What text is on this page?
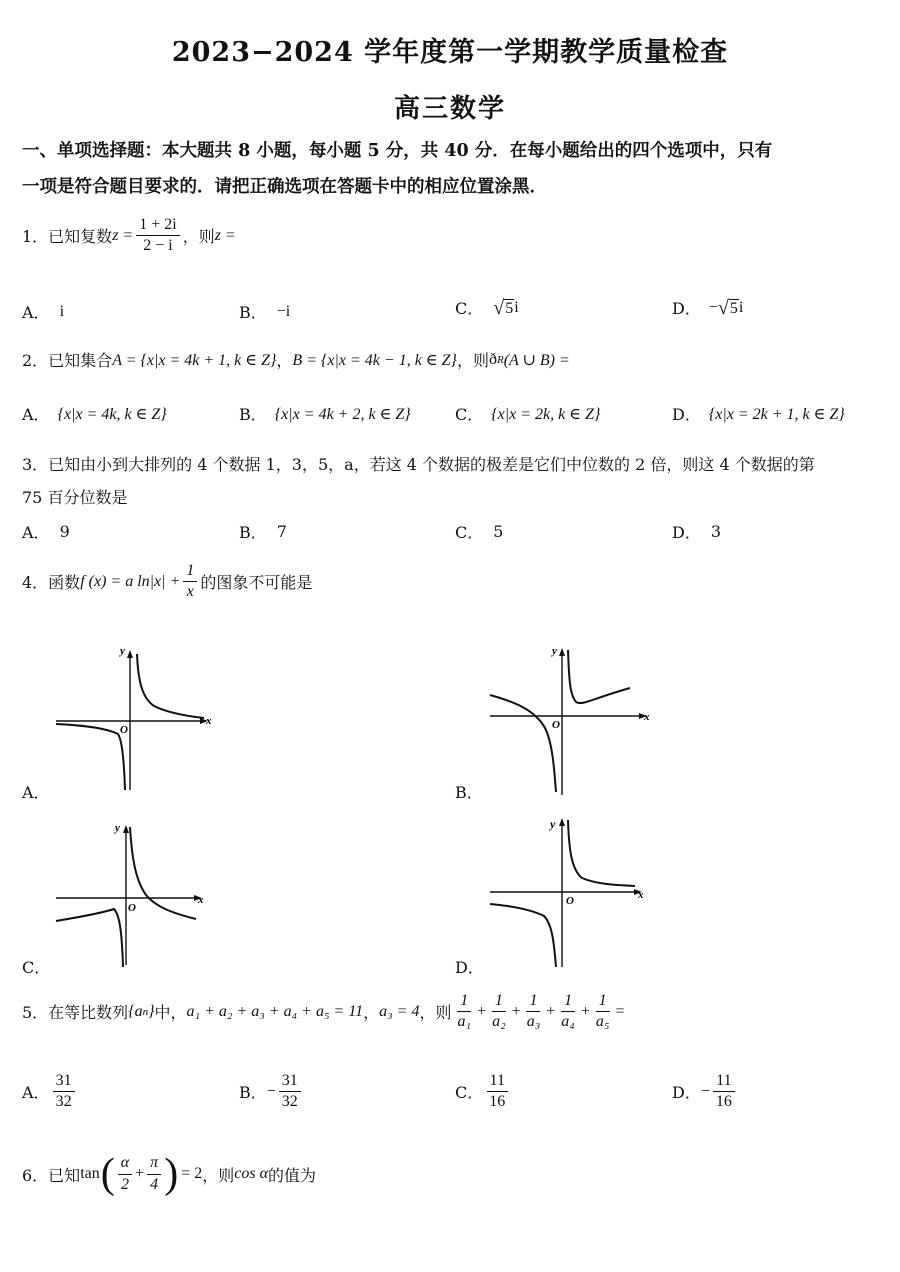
2023−2024 学年度第一学期教学质量检查
高三数学
一、单项选择题：本大题共 8 小题，每小题 5 分，共 40 分．在每小题给出的四个选项中，只有
一项是符合题目要求的．请把正确选项在答题卡中的相应位置涂黑．
1．已知复数 $z = \frac{1 + 2i}{2 - i}$ ，则 z =
A． i	B． −i	C． √ 5 i	D． − √ 5 i
2．已知集合 A = {x|x = 4k + 1, k ∈ Z} ， B = {x|x = 4k − 1, k ∈ Z} ，则 ð R (A ∪ B) =
A． {x|x = 4k, k ∈ Z}	B． {x|x = 4k + 2, k ∈ Z}	C． {x|x = 2k, k ∈ Z}	D． {x|x = 2k + 1, k ∈ Z}
3．已知由小到大排列的 4 个数据 1，3，5，a，若这 4 个数据的极差是它们中位数的 2 倍，则这 4 个数据的第
75 百分位数是
A． 9	B． 7	C． 5	D． 3
4．函数 f (x) = a $\ln|x| + \frac{1}{x}$ 的图象不可能是
y
x
O
A．
y
x
O
B．
y
x
O
C．
y
x
O
D．
5．在等比数列 {a n } 中， a₁ + a₂ + a₃ + a₄ + a₅ = 11 ， a₃ = 4 ，则 $\frac{1}{\text{a₁}} + \frac{1}{\text{a₂}} + \frac{1}{\text{a₃}} + \frac{1}{\text{a₄}} + \frac{1}{\text{a₅}}$ =
A． $\frac{31}{32}$	B． − $\frac{31}{32}$	C． $\frac{11}{16}$	D． − $\frac{11}{16}$
6．已知 tan ( $\frac{\alpha}{2} + \frac{\pi}{4}$ ) = 2 ，则 cos α 的值为
